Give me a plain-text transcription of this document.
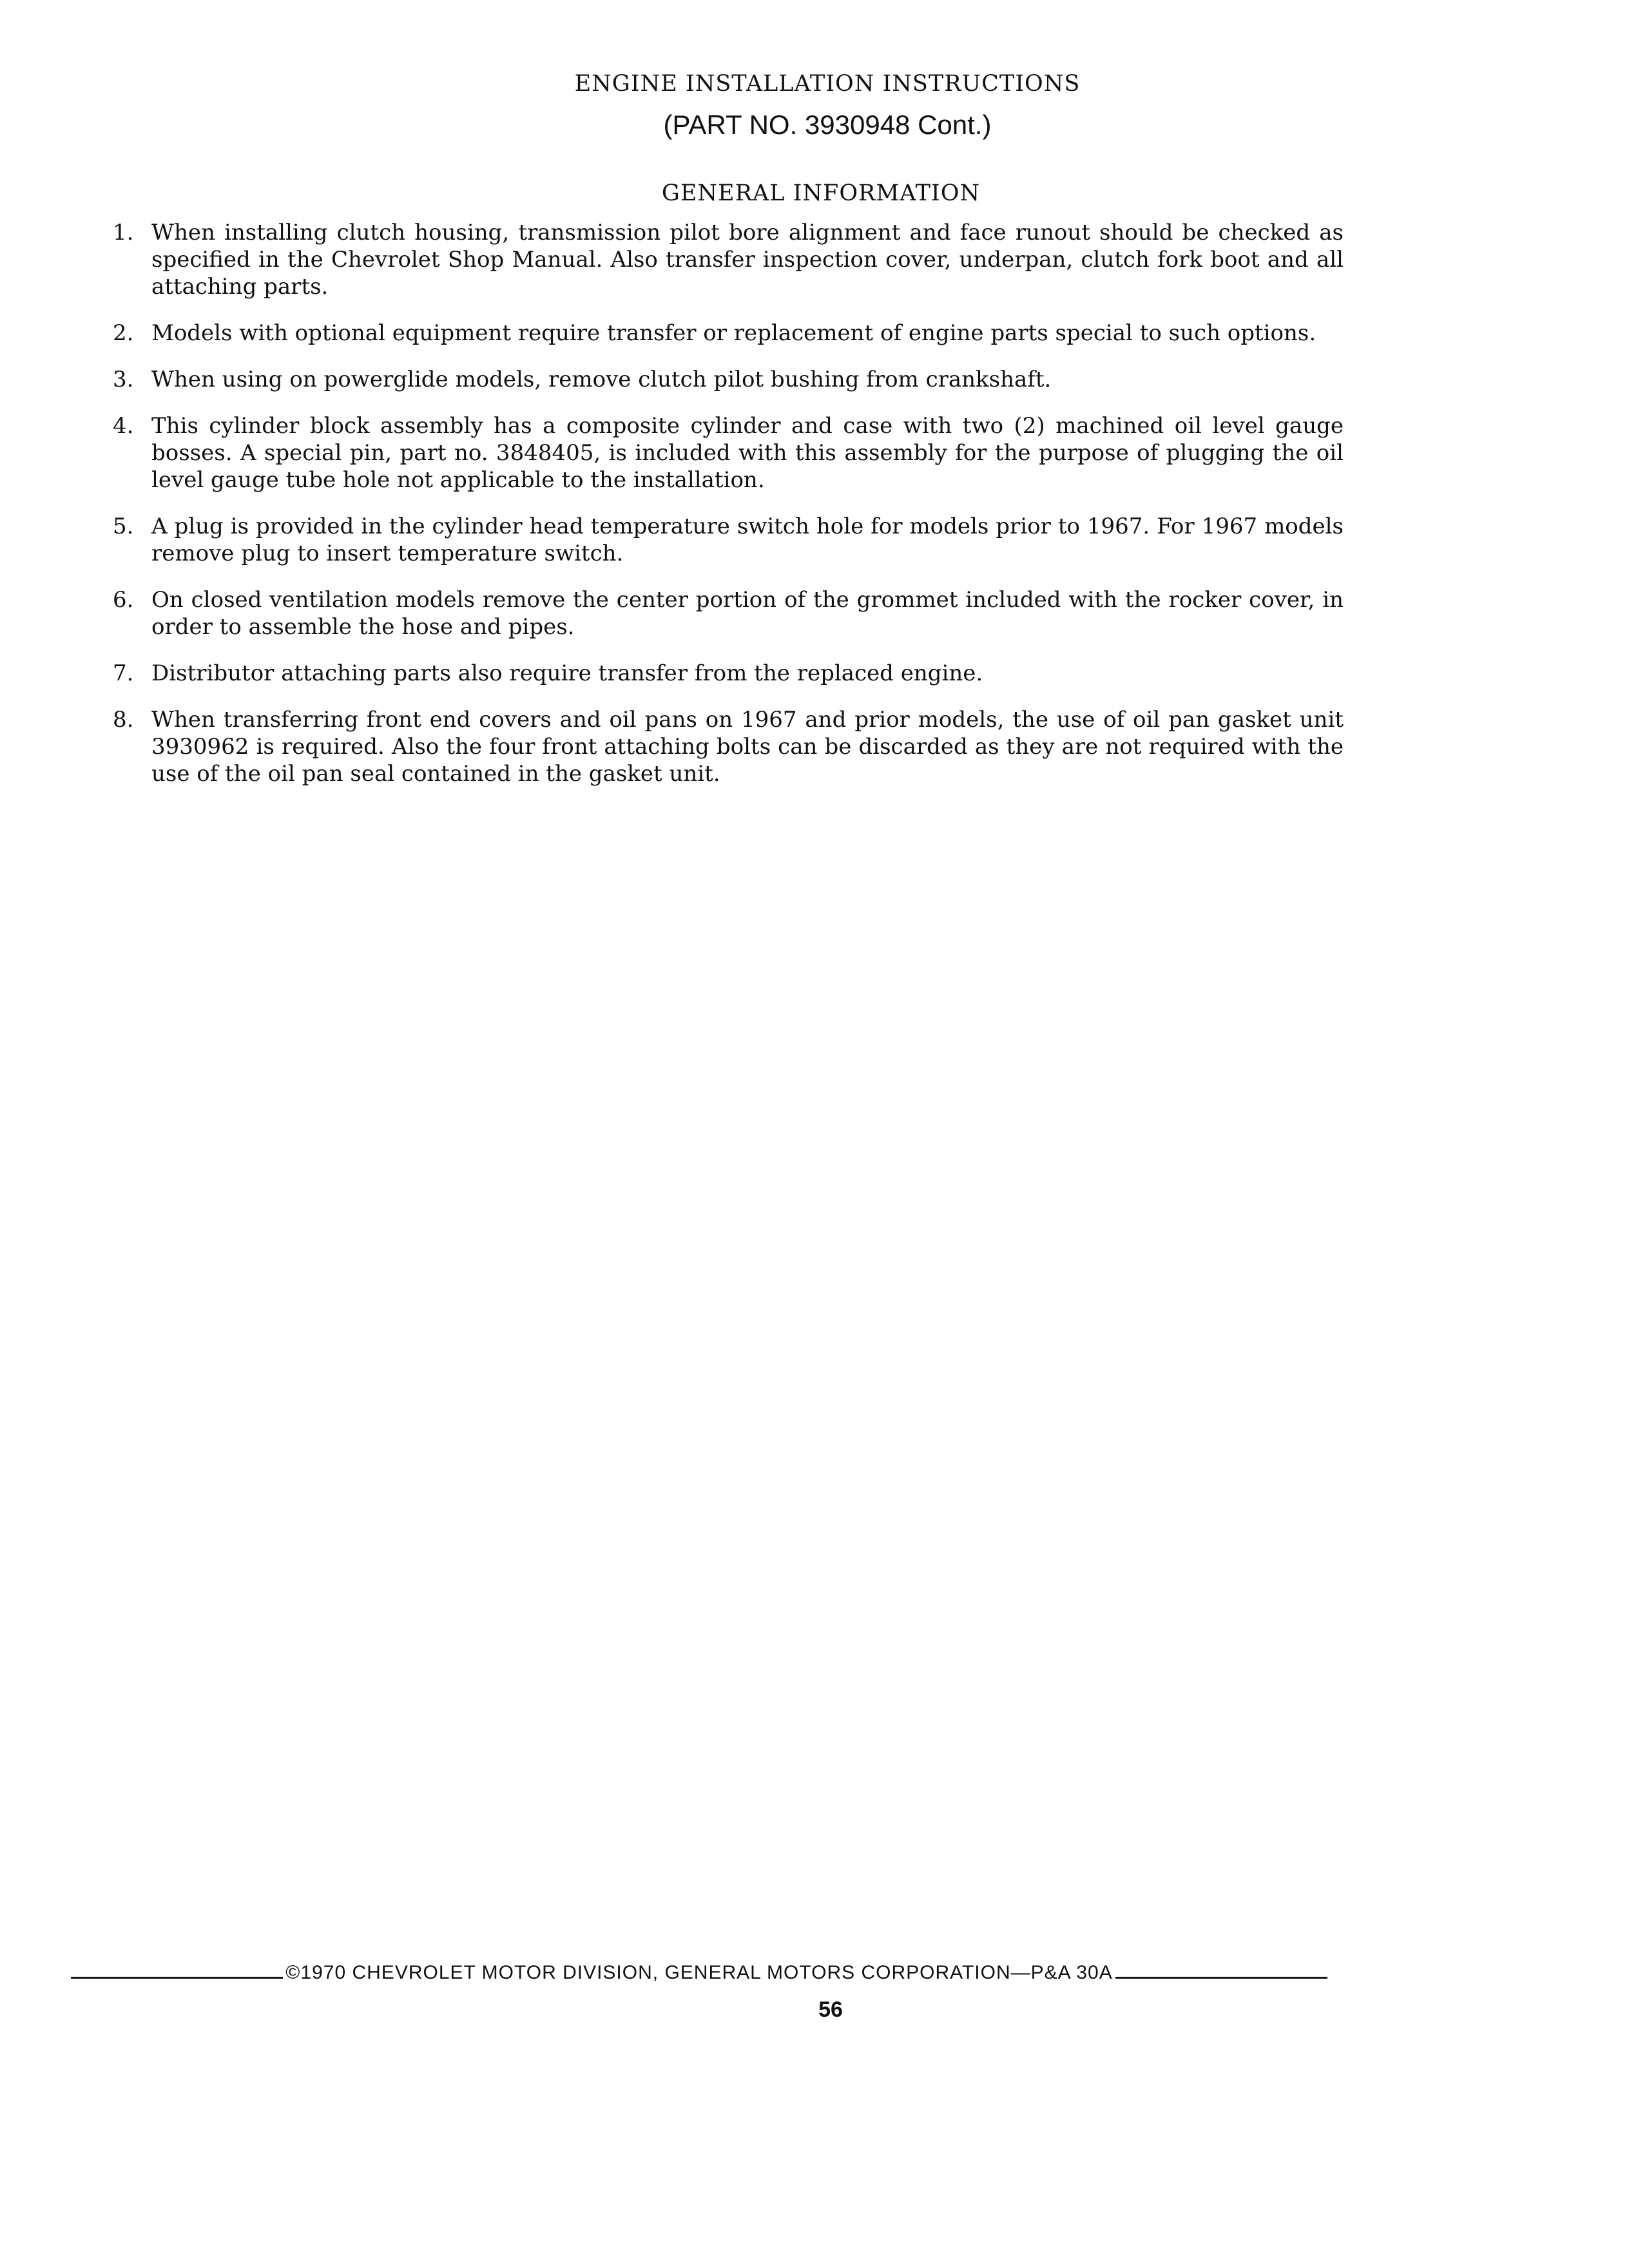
ENGINE INSTALLATION INSTRUCTIONS
(PART NO. 3930948 Cont.)
GENERAL INFORMATION
1. When installing clutch housing, transmission pilot bore alignment and face runout should be checked as specified in the Chevrolet Shop Manual. Also transfer inspection cover, underpan, clutch fork boot and all attaching parts.
2. Models with optional equipment require transfer or replacement of engine parts special to such options.
3. When using on powerglide models, remove clutch pilot bushing from crankshaft.
4. This cylinder block assembly has a composite cylinder and case with two (2) machined oil level gauge bosses. A special pin, part no. 3848405, is included with this assembly for the purpose of plugging the oil level gauge tube hole not applicable to the installation.
5. A plug is provided in the cylinder head temperature switch hole for models prior to 1967. For 1967 models remove plug to insert temperature switch.
6. On closed ventilation models remove the center portion of the grommet included with the rocker cover, in order to assemble the hose and pipes.
7. Distributor attaching parts also require transfer from the replaced engine.
8. When transferring front end covers and oil pans on 1967 and prior models, the use of oil pan gasket unit 3930962 is required. Also the four front attaching bolts can be discarded as they are not required with the use of the oil pan seal contained in the gasket unit.
©1970 CHEVROLET MOTOR DIVISION, GENERAL MOTORS CORPORATION—P&A 30A
56
